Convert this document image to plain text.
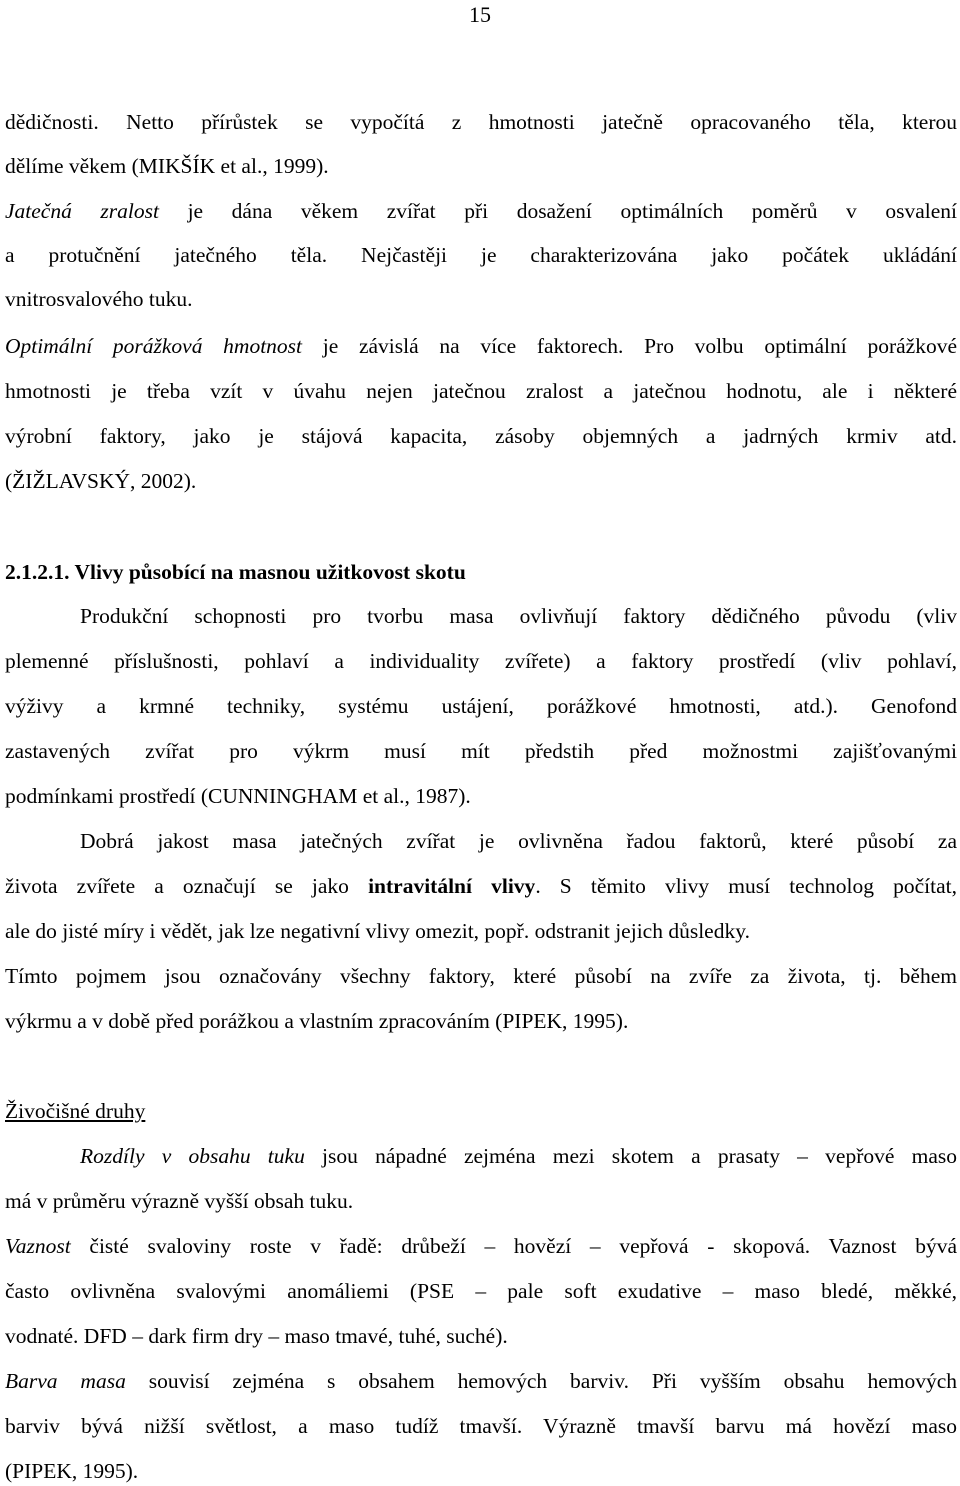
15
dědičnosti. Netto přírůstek se vypočítá z hmotnosti jatečně opracovaného těla, kterou
dělíme věkem (MIKŠÍK et al., 1999).
Jatečná zralost je dána věkem zvířat při dosažení optimálních poměrů v osvalení
a protučnění jatečného těla. Nejčastěji je charakterizována jako počátek ukládání
vnitrosvalového tuku.
Optimální porážková hmotnost je závislá na více faktorech. Pro volbu optimální porážkové
hmotnosti je třeba vzít v úvahu nejen jatečnou zralost a jatečnou hodnotu, ale i některé
výrobní faktory, jako je stájová kapacita, zásoby objemných a jadrných krmiv atd.
(ŽIŽLAVSKÝ, 2002).
2.1.2.1. Vlivy působící na masnou užitkovost skotu
Produkční schopnosti pro tvorbu masa ovlivňují faktory dědičného původu (vliv
plemenné příslušnosti, pohlaví a individuality zvířete) a faktory prostředí (vliv pohlaví,
výživy a krmné techniky, systému ustájení, porážkové hmotnosti, atd.). Genofond
zastavených zvířat pro výkrm musí mít předstih před možnostmi zajišťovanými
podmínkami prostředí (CUNNINGHAM et al., 1987).
Dobrá jakost masa jatečných zvířat je ovlivněna řadou faktorů, které působí za
života zvířete a označují se jako intravitální vlivy. S těmito vlivy musí technolog počítat,
ale do jisté míry i vědět, jak lze negativní vlivy omezit, popř. odstranit jejich důsledky.
Tímto pojmem jsou označovány všechny faktory, které působí na zvíře za života, tj. během
výkrmu a v době před porážkou a vlastním zpracováním (PIPEK, 1995).
Živočišné druhy
Rozdíly v obsahu tuku jsou nápadné zejména mezi skotem a prasaty – vepřové maso
má v průměru výrazně vyšší obsah tuku.
Vaznost čisté svaloviny roste v řadě: drůbeží – hovězí – vepřová - skopová. Vaznost bývá
často ovlivněna svalovými anomáliemi (PSE – pale soft exudative – maso bledé, měkké,
vodnaté. DFD – dark firm dry – maso tmavé, tuhé, suché).
Barva masa souvisí zejména s obsahem hemových barviv. Při vyšším obsahu hemových
barviv bývá nižší světlost, a maso tudíž tmavší. Výrazně tmavší barvu má hovězí maso
(PIPEK, 1995).
